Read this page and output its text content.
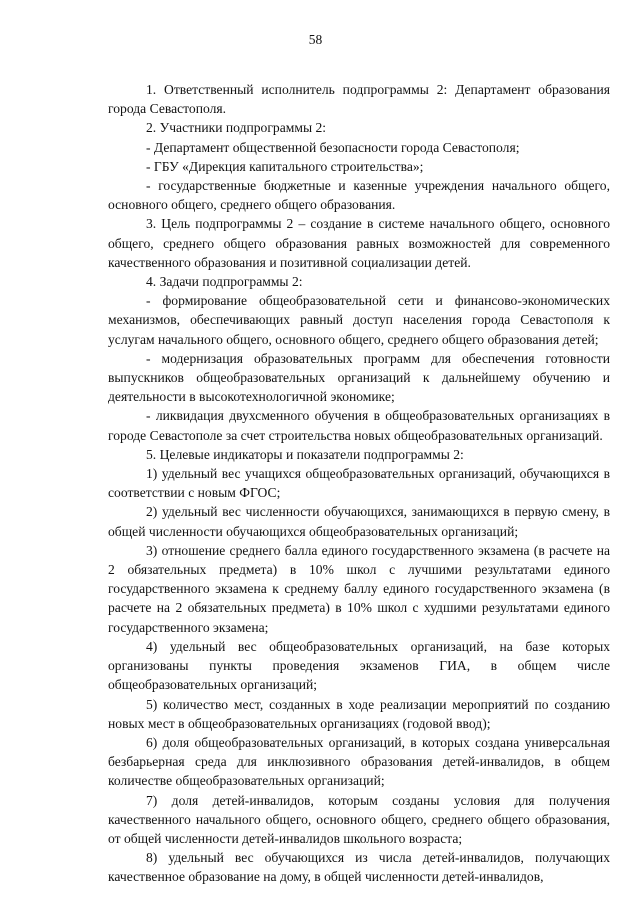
58

1. Ответственный исполнитель подпрограммы 2: Департамент образования города Севастополя.

2. Участники подпрограммы 2:

- Департамент общественной безопасности города Севастополя;

- ГБУ «Дирекция капитального строительства»;

- государственные бюджетные и казенные учреждения начального общего, основного общего, среднего общего образования.

3. Цель подпрограммы 2 – создание в системе начального общего, основного общего, среднего общего образования равных возможностей для современного качественного образования и позитивной социализации детей.

4. Задачи подпрограммы 2:

- формирование общеобразовательной сети и финансово-экономических механизмов, обеспечивающих равный доступ населения города Севастополя к услугам начального общего, основного общего, среднего общего образования детей;

- модернизация образовательных программ для обеспечения готовности выпускников общеобразовательных организаций к дальнейшему обучению и деятельности в высокотехнологичной экономике;

- ликвидация двухсменного обучения в общеобразовательных организациях в городе Севастополе за счет строительства новых общеобразовательных организаций.

5. Целевые индикаторы и показатели подпрограммы 2:

1) удельный вес учащихся общеобразовательных организаций, обучающихся в соответствии с новым ФГОС;

2) удельный вес численности обучающихся, занимающихся в первую смену, в общей численности обучающихся общеобразовательных организаций;

3) отношение среднего балла единого государственного экзамена (в расчете на 2 обязательных предмета) в 10% школ с лучшими результатами единого государственного экзамена к среднему баллу единого государственного экзамена (в расчете на 2 обязательных предмета) в 10% школ с худшими результатами единого государственного экзамена;

4) удельный вес общеобразовательных организаций, на базе которых организованы пункты проведения экзаменов ГИА, в общем числе общеобразовательных организаций;

5) количество мест, созданных в ходе реализации мероприятий по созданию новых мест в общеобразовательных организациях (годовой ввод);

6) доля общеобразовательных организаций, в которых создана универсальная безбарьерная среда для инклюзивного образования детей-инвалидов, в общем количестве общеобразовательных организаций;

7) доля детей-инвалидов, которым созданы условия для получения качественного начального общего, основного общего, среднего общего образования, от общей численности детей-инвалидов школьного возраста;

8) удельный вес обучающихся из числа детей-инвалидов, получающих качественное образование на дому, в общей численности детей-инвалидов,
